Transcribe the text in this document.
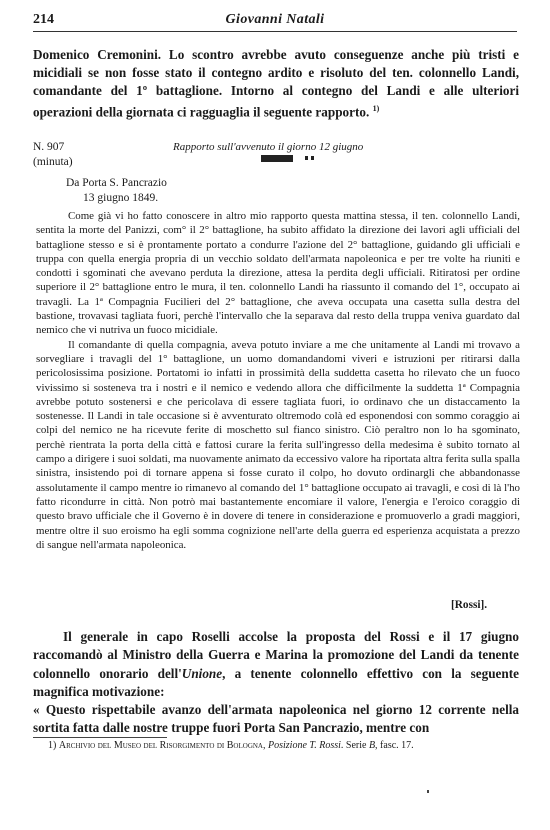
214	Giovanni Natali

Domenico Cremonini. Lo scontro avrebbe avuto conseguenze anche più tristi e micidiali se non fosse stato il contegno ardito e risoluto del ten. colonnello Landi, comandante del 1º battaglione. Intorno al contegno del Landi e alle ulteriori operazioni della giornata ci ragguaglia il seguente rapporto. $^{1)}$

N. 907
(minuta)
Rapporto sull'avvenuto il giorno 12 giugno
Da Porta S. Pancrazio
13 giugno 1849.

Come già vi ho fatto conoscere in altro mio rapporto questa mattina stessa, il ten. colonnello Landi, sentita la morte del Panizzi, com° il 2° battaglione, ha subito affidato la direzione dei lavori agli ufficiali del battaglione stesso e si è prontamente portato a condurre l'azione del 2° battaglione, guidando gli ufficiali e truppa con quella energia propria di un vecchio soldato dell'armata napoleonica e per tre volte ha riuniti e condotti i sgominati che avevano perduta la direzione, attesa la perdita degli ufficiali. Ritiratosi per ordine superiore il 2° battaglione entro le mura, il ten. colonnello Landi ha riassunto il comando del 1°, occupato ai travagli. La 1ª Compagnia Fucilieri del 2° battaglione, che aveva occupata una casetta sulla destra del bastione, trovavasi tagliata fuori, perchè l'intervallo che la separava dal resto della truppa veniva guardato dal nemico che vi nutriva un fuoco micidiale.

Il comandante di quella compagnia, aveva potuto inviare a me che unitamente al Landi mi trovavo a sorvegliare i travagli del 1° battaglione, un uomo domandandomi viveri e istruzioni per ritirarsi dalla pericolosissima posizione. Portatomi io infatti in prossimità della suddetta casetta ho rilevato che un fuoco vivissimo si sosteneva tra i nostri e il nemico e vedendo allora che difficilmente la suddetta 1ª Compagnia avrebbe potuto sostenersi e che pericolava di essere tagliata fuori, io ordinavo che un distaccamento la sostenesse. Il Landi in tale occasione si è avventurato oltremodo colà ed esponendosi con sommo coraggio ai colpi del nemico ne ha ricevute ferite di moschetto sul fianco sinistro. Ciò peraltro non lo ha sgominato, perchè rientrata la porta della città e fattosi curare la ferita sull'ingresso della medesima è subito tornato al campo a dirigere i suoi soldati, ma nuovamente animato da eccessivo valore ha riportata altra ferita sulla spalla sinistra, insistendo poi di tornare appena si fosse curato il colpo, ho dovuto ordinargli che abbandonasse assolutamente il campo mentre io rimanevo al comando del 1° battaglione occupato ai travagli, e così di là l'ho fatto ricondurre in città. Non potrò mai bastantemente encomiare il valore, l'energia e l'eroico coraggio di questo bravo ufficiale che il Governo è in dovere di tenere in considerazione e promuoverlo a gradi maggiori, mentre oltre il suo eroismo ha egli somma cognizione nell'arte della guerra ed esperienza acquistata a prezzo di sangue nell'armata napoleonica.

[Rossi].

Il generale in capo Roselli accolse la proposta del Rossi e il 17 giugno raccomandò al Ministro della Guerra e Marina la promozione del Landi da tenente colonnello onorario dell'Unione, a tenente colonnello effettivo con la seguente magnifica motivazione:
« Questo rispettabile avanzo dell'armata napoleonica nel giorno 12 corrente nella sortita fatta dalle nostre truppe fuori Porta San Pancrazio, mentre con

1) Archivio del Museo del Risorgimento di Bologna, Posizione T. Rossi. Serie B, fasc. 17.
